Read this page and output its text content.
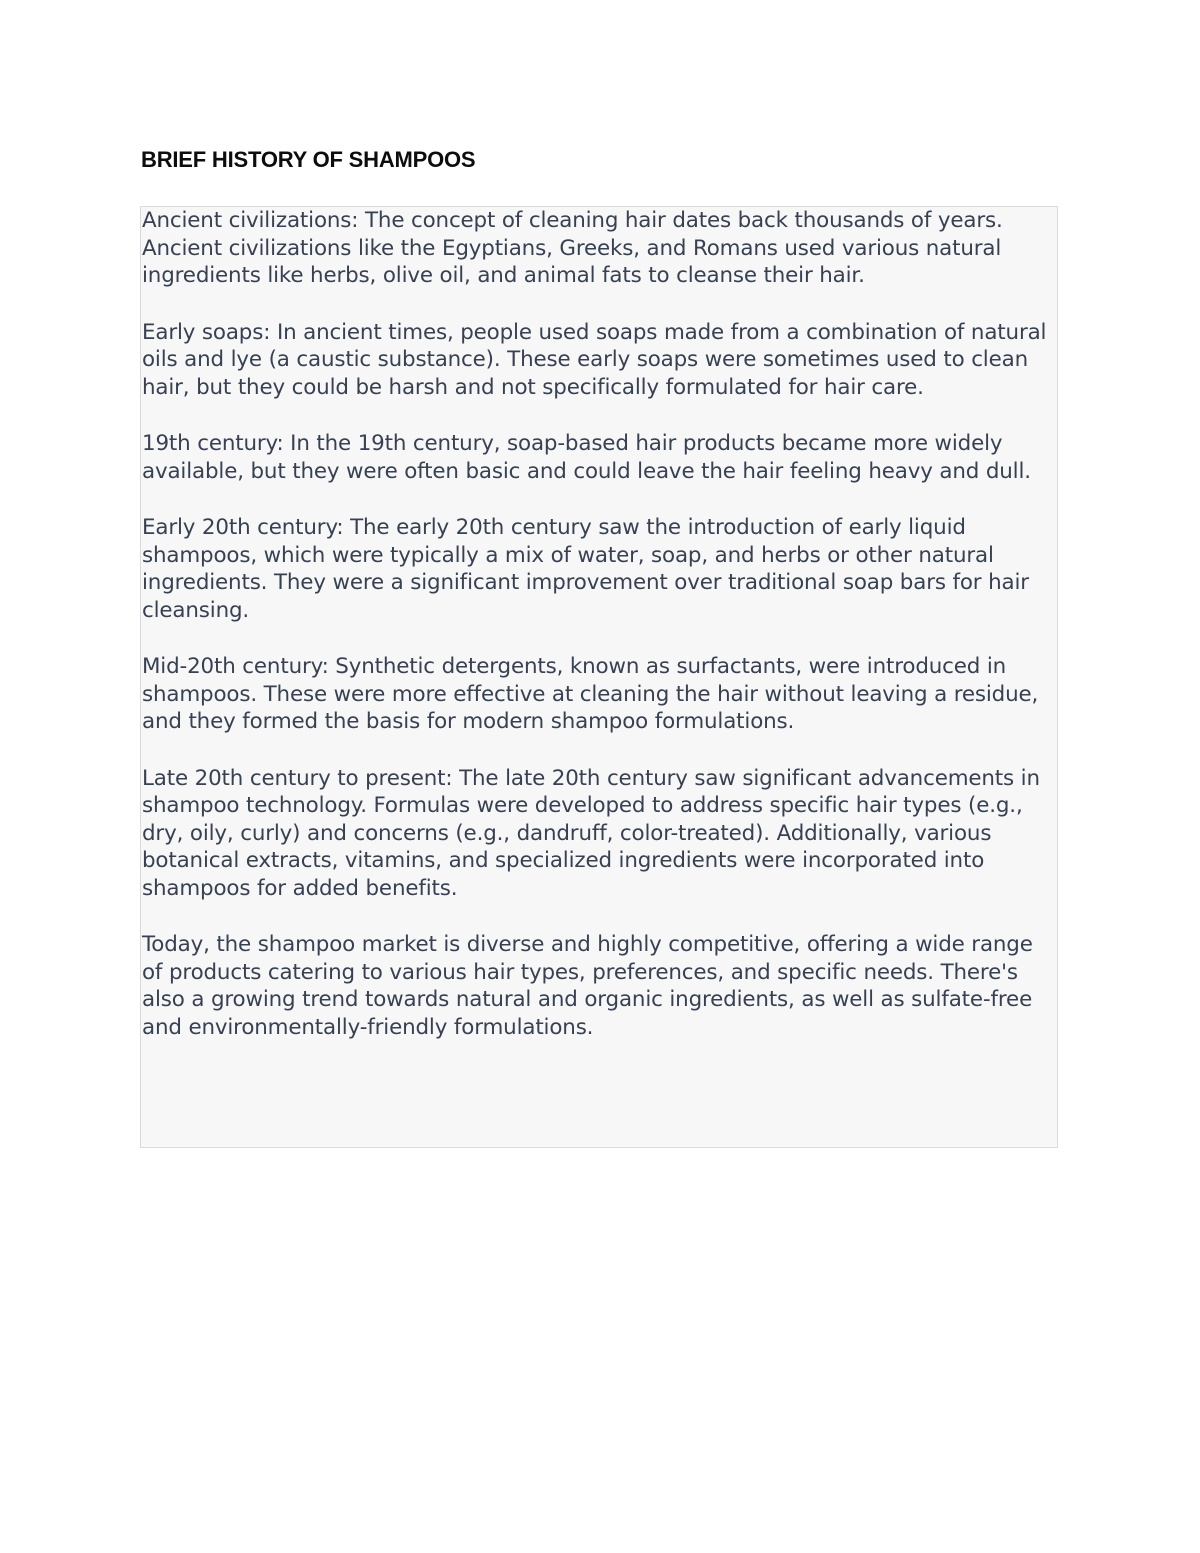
BRIEF HISTORY OF SHAMPOOS

Ancient civilizations: The concept of cleaning hair dates back thousands of years. Ancient civilizations like the Egyptians, Greeks, and Romans used various natural ingredients like herbs, olive oil, and animal fats to cleanse their hair.

Early soaps: In ancient times, people used soaps made from a combination of natural oils and lye (a caustic substance). These early soaps were sometimes used to clean hair, but they could be harsh and not specifically formulated for hair care.

19th century: In the 19th century, soap-based hair products became more widely available, but they were often basic and could leave the hair feeling heavy and dull.

Early 20th century: The early 20th century saw the introduction of early liquid shampoos, which were typically a mix of water, soap, and herbs or other natural ingredients. They were a significant improvement over traditional soap bars for hair cleansing.

Mid-20th century: Synthetic detergents, known as surfactants, were introduced in shampoos. These were more effective at cleaning the hair without leaving a residue, and they formed the basis for modern shampoo formulations.

Late 20th century to present: The late 20th century saw significant advancements in shampoo technology. Formulas were developed to address specific hair types (e.g., dry, oily, curly) and concerns (e.g., dandruff, color-treated). Additionally, various botanical extracts, vitamins, and specialized ingredients were incorporated into shampoos for added benefits.

Today, the shampoo market is diverse and highly competitive, offering a wide range of products catering to various hair types, preferences, and specific needs. There's also a growing trend towards natural and organic ingredients, as well as sulfate-free and environmentally-friendly formulations.
